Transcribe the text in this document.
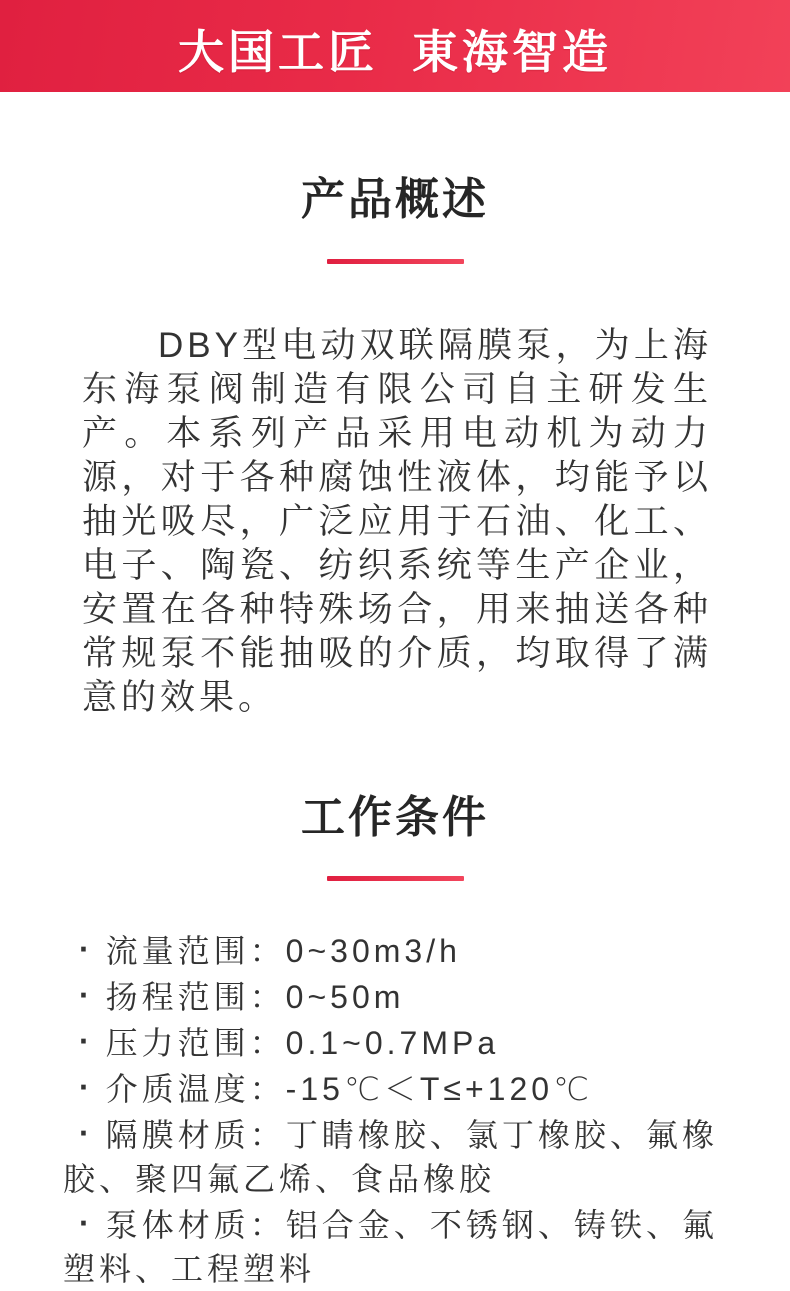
大国工匠 東海智造
产品概述

DBY型电动双联隔膜泵，为上海东海泵阀制造有限公司自主研发生产。本系列产品采用电动机为动力源，对于各种腐蚀性液体，均能予以抽光吸尽，广泛应用于石油、化工、电子、陶瓷、纺织系统等生产企业，安置在各种特殊场合，用来抽送各种常规泵不能抽吸的介质，均取得了满意的效果。

工作条件
· 流量范围：0~30m3/h
· 扬程范围：0~50m
· 压力范围：0.1~0.7MPa
· 介质温度：-15℃＜T≤+120℃
· 隔膜材质：丁睛橡胶、氯丁橡胶、氟橡胶、聚四氟乙烯、食品橡胶
· 泵体材质：铝合金、不锈钢、铸铁、氟塑料、工程塑料
